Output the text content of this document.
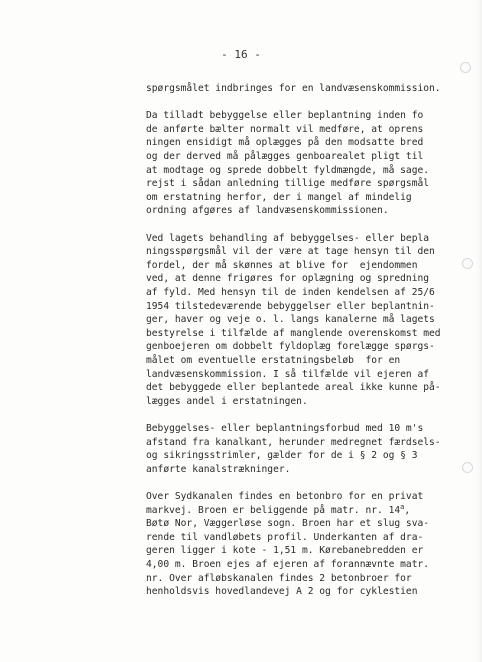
- 16 -
spørgsmålet indbringes for en landvæsenskommission.
Da tilladt bebyggelse eller beplantning inden fo
de anførte bælter normalt vil medføre, at oprens
ningen ensidigt må oplægges på den modsatte bred
og der derved må pålægges genboarealet pligt til
at modtage og sprede dobbelt fyldmængde, må sage.
rejst i sådan anledning tillige medføre spørgsmål
om erstatning herfor, der i mangel af mindelig
ordning afgøres af landvæsenskommissionen.
Ved lagets behandling af bebyggelses- eller bepla
ningsspørgsmål vil der være at tage hensyn til den
fordel, der må skønnes at blive for  ejendommen
ved, at denne frigøres for oplægning og spredning
af fyld. Med hensyn til de inden kendelsen af 25/6
1954 tilstedeværende bebyggelser eller beplantnin-
ger, haver og veje o. l. langs kanalerne må lagets
bestyrelse i tilfælde af manglende overenskomst med
genboejeren om dobbelt fyldoplæg forelægge spørgs-
målet om eventuelle erstatningsbeløb  for en
landvæsenskommission. I så tilfælde vil ejeren af
det bebyggede eller beplantede areal ikke kunne på-
lægges andel i erstatningen.
Bebyggelses- eller beplantningsforbud med 10 m's
afstand fra kanalkant, herunder medregnet færdsels-
og sikringsstrimler, gælder for de i § 2 og § 3
anførte kanalstrækninger.
Over Sydkanalen findes en betonbro for en privat
markvej. Broen er beliggende på matr. nr. 14$^a$,
Bøtø Nor, Væggerløse sogn. Broen har et slug sva-
rende til vandløbets profil. Underkanten af dra-
geren ligger i kote - 1,51 m. Kørebanebredden er
4,00 m. Broen ejes af ejeren af forannævnte matr.
nr. Over afløbskanalen findes 2 betonbroer for
henholdsvis hovedlandevej A 2 og for cyklestien
